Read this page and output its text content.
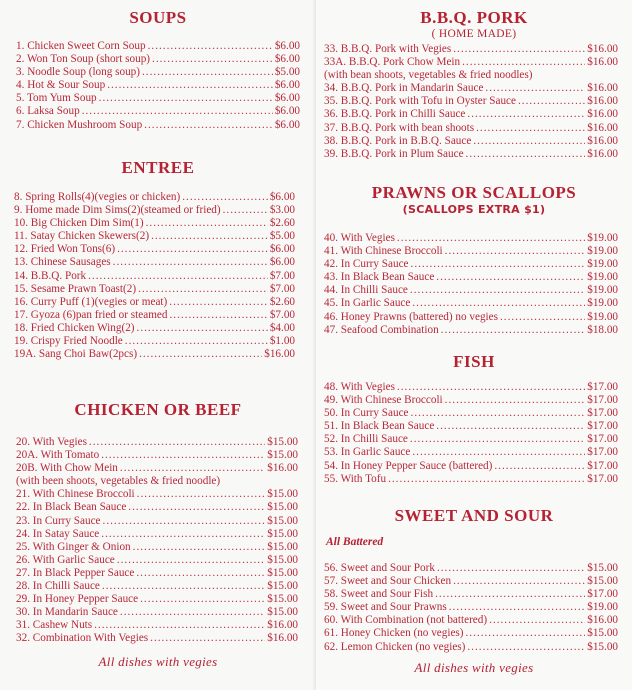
SOUPS
1. Chicken Sweet Corn Soup .....	$6.00
2. Won Ton Soup (short soup) .....	$6.00
3. Noodle Soup (long soup) .....	$5.00
4. Hot & Sour Soup .....	$6.00
5. Tom Yum Soup .....	$6.00
6. Laksa Soup .....	$6.00
7. Chicken Mushroom Soup .....	$6.00
ENTREE
8. Spring Rolls(4)(vegies or chicken) .....	$6.00
9. Home made Dim Sims(2)(steamed or fried) .....	$3.00
10. Big Chicken Dim Sim(1) .....	$2.60
11. Satay Chicken Skewers(2) .....	$5.00
12. Fried Won Tons(6) .....	$6.00
13. Chinese Sausages .....	$6.00
14. B.B.Q. Pork .....	$7.00
15. Sesame Prawn Toast(2) .....	$7.00
16. Curry Puff (1)(vegies or meat) .....	$2.60
17. Gyoza (6)pan fried or steamed .....	$7.00
18. Fried Chicken Wing(2) .....	$4.00
19. Crispy Fried Noodle .....	$1.00
19A. Sang Choi Baw(2pcs) .....	$16.00
CHICKEN OR BEEF
20. With Vegies .....	$15.00
20A. With Tomato .....	$15.00
20B. With Chow Mein .....	$16.00
(with been shoots, vegetables & fried noodle)
21. With Chinese Broccoli .....	$15.00
22. In Black Bean Sauce .....	$15.00
23. In Curry Sauce .....	$15.00
24. In Satay Sauce .....	$15.00
25. With Ginger & Onion .....	$15.00
26. With Garlic Sauce .....	$15.00
27. In Black Pepper Sauce .....	$15.00
28. In Chilli Sauce .....	$15.00
29. In Honey Pepper Sauce .....	$15.00
30. In Mandarin Sauce .....	$15.00
31. Cashew Nuts .....	$16.00
32. Combination With Vegies .....	$16.00
All dishes with vegies
B.B.Q. PORK
( HOME MADE)
33. B.B.Q. Pork with Vegies .....	$16.00
33A. B.B.Q. Pork Chow Mein .....	$16.00
(with bean shoots, vegetables & fried noodles)
34. B.B.Q. Pork in Mandarin Sauce .....	$16.00
35. B.B.Q. Pork with Tofu in Oyster Sauce .....	$16.00
36. B.B.Q. Pork in Chilli Sauce .....	$16.00
37. B.B.Q. Pork with bean shoots .....	$16.00
38. B.B.Q. Pork in B.B.Q. Sauce .....	$16.00
39. B.B.Q. Pork in Plum Sauce .....	$16.00
PRAWNS OR SCALLOPS
(SCALLOPS EXTRA $1)
40. With Vegies .....	$19.00
41. With Chinese Broccoli .....	$19.00
42. In Curry Sauce .....	$19.00
43. In Black Bean Sauce .....	$19.00
44. In Chilli Sauce .....	$19.00
45. In Garlic Sauce .....	$19.00
46. Honey Prawns (battered) no vegies .....	$19.00
47. Seafood Combination .....	$18.00
FISH
48. With Vegies .....	$17.00
49. With Chinese Broccoli .....	$17.00
50. In Curry Sauce .....	$17.00
51. In Black Bean Sauce .....	$17.00
52. In Chilli Sauce .....	$17.00
53. In Garlic Sauce .....	$17.00
54. In Honey Pepper Sauce (battered) .....	$17.00
55. With Tofu .....	$17.00
SWEET AND SOUR
All Battered
56. Sweet and Sour Pork .....	$15.00
57. Sweet and Sour Chicken .....	$15.00
58. Sweet and Sour Fish .....	$17.00
59. Sweet and Sour Prawns .....	$19.00
60. With Combination (not battered) .....	$16.00
61. Honey Chicken (no vegies) .....	$15.00
62. Lemon Chicken (no vegies) .....	$15.00
All dishes with vegies
